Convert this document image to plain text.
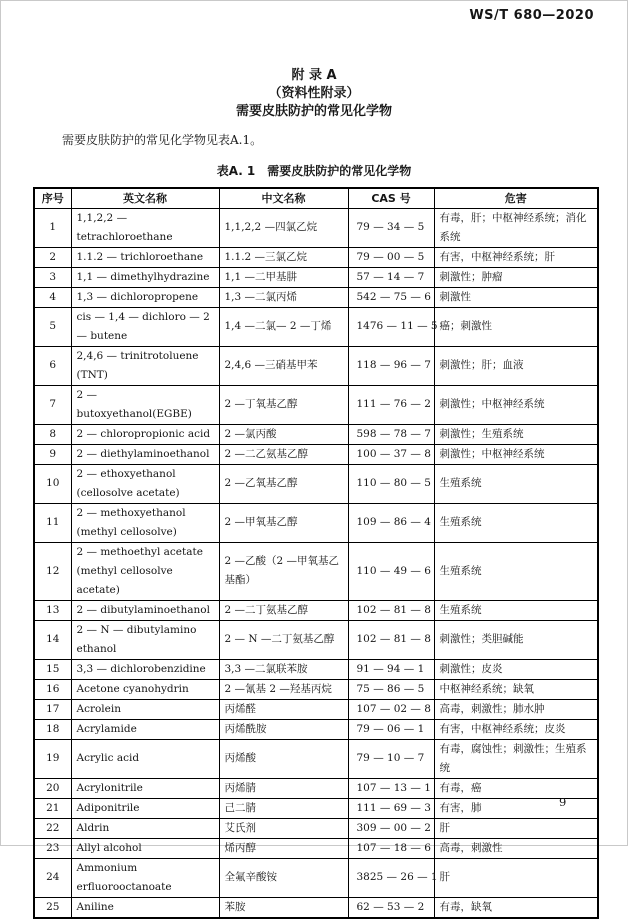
WS/T 680—2020
附 录 A
（资料性附录）
需要皮肤防护的常见化学物

需要皮肤防护的常见化学物见表A.1。

表A. 1　需要皮肤防护的常见化学物
序号	英文名称	中文名称	CAS 号	危害
1	1,1,2,2 — tetrachloroethane	1,1,2,2 —四氯乙烷	79 — 34 — 5	有毒，肝；中枢神经系统；消化系统
2	1.1.2 — trichloroethane	1.1.2 —三氯乙烷	79 — 00 — 5	有害，中枢神经系统；肝
3	1,1 — dimethylhydrazine	1,1 —二甲基肼	57 — 14 — 7	刺激性；肿瘤
4	1,3 — dichloropropene	1,3 —二氯丙烯	542 — 75 — 6	刺激性
5	cis — 1,4 — dichloro — 2 — butene	1,4 —二氯— 2 —丁烯	1476 — 11 — 5	癌；刺激性
6	2,4,6 — trinitrotoluene (TNT)	2,4,6 —三硝基甲苯	118 — 96 — 7	刺激性；肝；血液
7	2 — butoxyethanol(EGBE)	2 —丁氧基乙醇	111 — 76 — 2	刺激性；中枢神经系统
8	2 — chloropropionic acid	2 —氯丙酸	598 — 78 — 7	刺激性；生殖系统
9	2 — diethylaminoethanol	2 —二乙氨基乙醇	100 — 37 — 8	刺激性；中枢神经系统
10	2 — ethoxyethanol (cellosolve acetate)	2 —乙氧基乙醇	110 — 80 — 5	生殖系统
11	2 — methoxyethanol (methyl cellosolve)	2 —甲氧基乙醇	109 — 86 — 4	生殖系统
12	2 — methoethyl acetate (methyl cellosolve acetate)	2 —乙酸（2 —甲氧基乙基酯）	110 — 49 — 6	生殖系统
13	2 — dibutylaminoethanol	2 —二丁氨基乙醇	102 — 81 — 8	生殖系统
14	2 — N — dibutylamino ethanol	2 — N —二丁氨基乙醇	102 — 81 — 8	刺激性；类胆碱能
15	3,3 — dichlorobenzidine	3,3 —二氯联苯胺	91 — 94 — 1	刺激性；皮炎
16	Acetone cyanohydrin	2 —氰基 2 —羟基丙烷	75 — 86 — 5	中枢神经系统；缺氧
17	Acrolein	丙烯醛	107 — 02 — 8	高毒，刺激性；肺水肿
18	Acrylamide	丙烯酰胺	79 — 06 — 1	有害，中枢神经系统；皮炎
19	Acrylic acid	丙烯酸	79 — 10 — 7	有毒，腐蚀性；刺激性；生殖系统
20	Acrylonitrile	丙烯腈	107 — 13 — 1	有毒，癌
21	Adiponitrile	己二腈	111 — 69 — 3	有害，肺
22	Aldrin	艾氏剂	309 — 00 — 2	肝
23	Allyl alcohol	烯丙醇	107 — 18 — 6	高毒，刺激性
24	Ammonium erfluorooctanoate	全氟辛酸铵	3825 — 26 — 1	肝
25	Aniline	苯胺	62 — 53 — 2	有毒，缺氧
9
